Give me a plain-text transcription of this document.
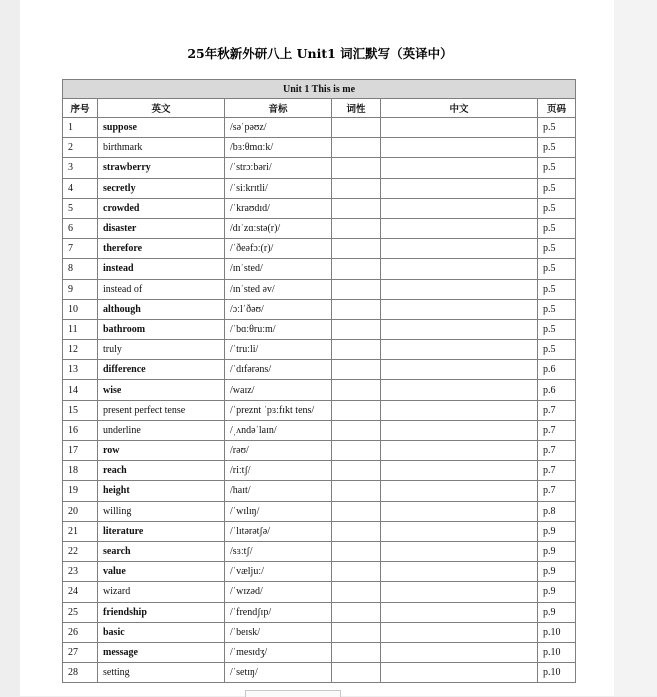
25年秋新外研八上 Unit1 词汇默写（英译中）
Unit 1 This is me					
序号	英文	音标	词性	中文	页码
1	suppose	/səˈpəʊz/			p.5
2	birthmark	/bɜːθmɑːk/			p.5
3	strawberry	/ˈstrɔːbəri/			p.5
4	secretly	/ˈsiːkrɪtli/			p.5
5	crowded	/ˈkraʊdɪd/			p.5
6	disaster	/dɪˈzɑːstə(r)/			p.5
7	therefore	/ˈðeəfɔː(r)/			p.5
8	instead	/ɪnˈsted/			p.5
9	instead of	/ɪnˈsted əv/			p.5
10	although	/ɔːlˈðəʊ/			p.5
11	bathroom	/ˈbɑːθruːm/			p.5
12	truly	/ˈtruːli/			p.5
13	difference	/ˈdɪfərəns/			p.6
14	wise	/waɪz/			p.6
15	present perfect tense	/ˈpreznt ˈpɜːfɪkt tens/			p.7
16	underline	/ˌʌndəˈlaɪn/			p.7
17	row	/rəʊ/			p.7
18	reach	/riːtʃ/			p.7
19	height	/haɪt/			p.7
20	willing	/ˈwɪlɪŋ/			p.8
21	literature	/ˈlɪtərətʃə/			p.9
22	search	/sɜːtʃ/			p.9
23	value	/ˈvæljuː/			p.9
24	wizard	/ˈwɪzəd/			p.9
25	friendship	/ˈfrendʃɪp/			p.9
26	basic	/ˈbeɪsk/			p.10
27	message	/ˈmesɪdʒ/			p.10
28	setting	/ˈsetɪŋ/			p.10
